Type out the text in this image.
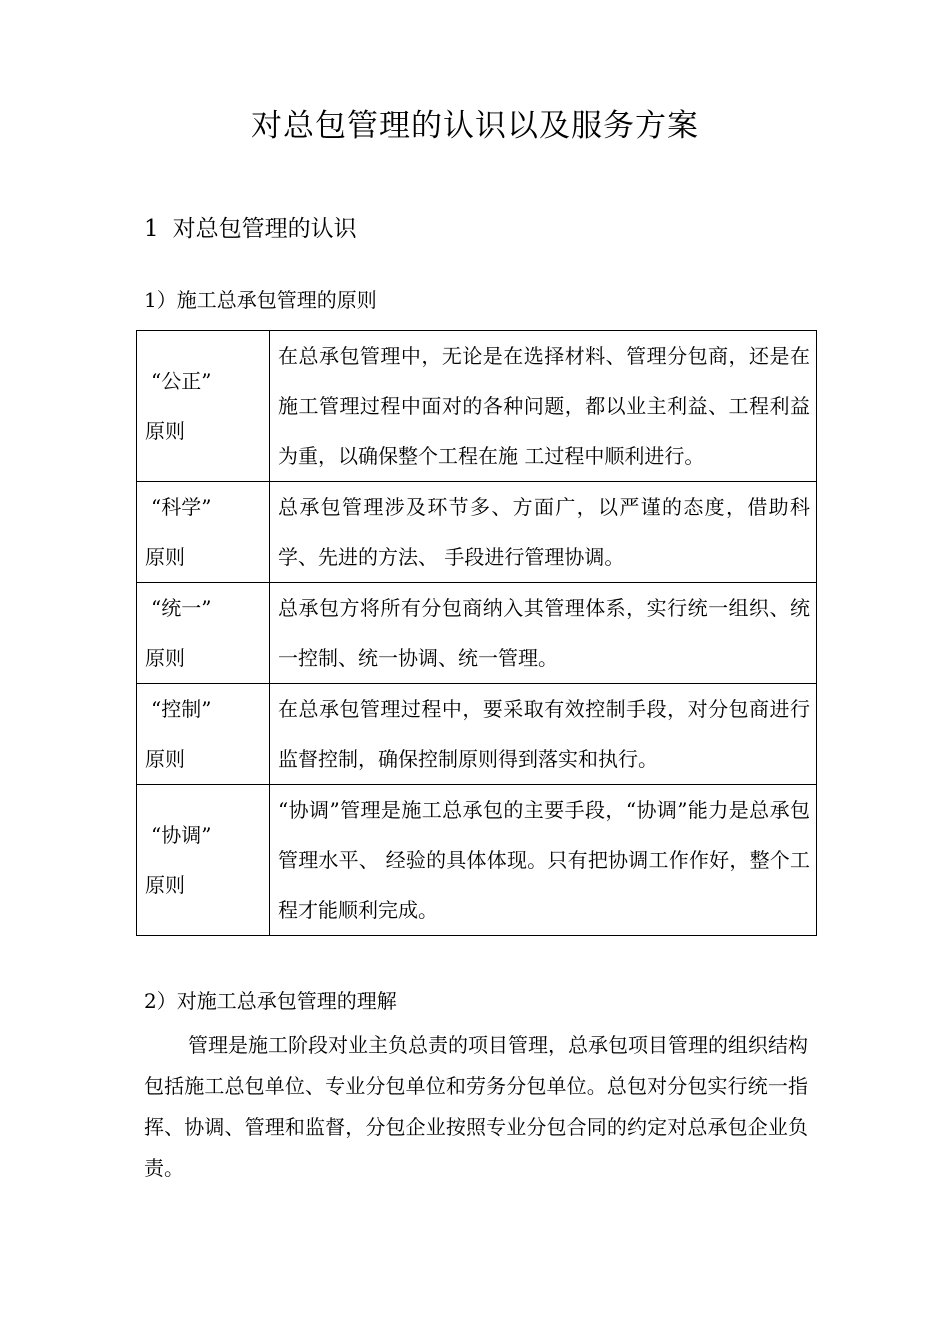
对总包管理的认识以及服务方案
1 对总包管理的认识
1）施工总承包管理的原则
“公正”
原则	在总承包管理中，无论是在选择材料、管理分包商，还是在施工管理过程中面对的各种问题，都以业主利益、工程利益为重，以确保整个工程在施 工过程中顺利进行。

“科学”
原则	总承包管理涉及环节多、方面广，以严谨的态度，借助科学、先进的方法、 手段进行管理协调。

“统一”
原则	总承包方将所有分包商纳入其管理体系，实行统一组织、统一控制、统一协调、统一管理。

“控制”
原则	在总承包管理过程中，要采取有效控制手段，对分包商进行监督控制，确保控制原则得到落实和执行。

“协调”
原则	“协调”管理是施工总承包的主要手段，“协调”能力是总承包管理水平、 经验的具体体现。只有把协调工作作好，整个工程才能顺利完成。
2）对施工总承包管理的理解

管理是施工阶段对业主负总责的项目管理，总承包项目管理的组织结构包括施工总包单位、专业分包单位和劳务分包单位。总包对分包实行统一指挥、协调、管理和监督，分包企业按照专业分包合同的约定对总承包企业负责。
